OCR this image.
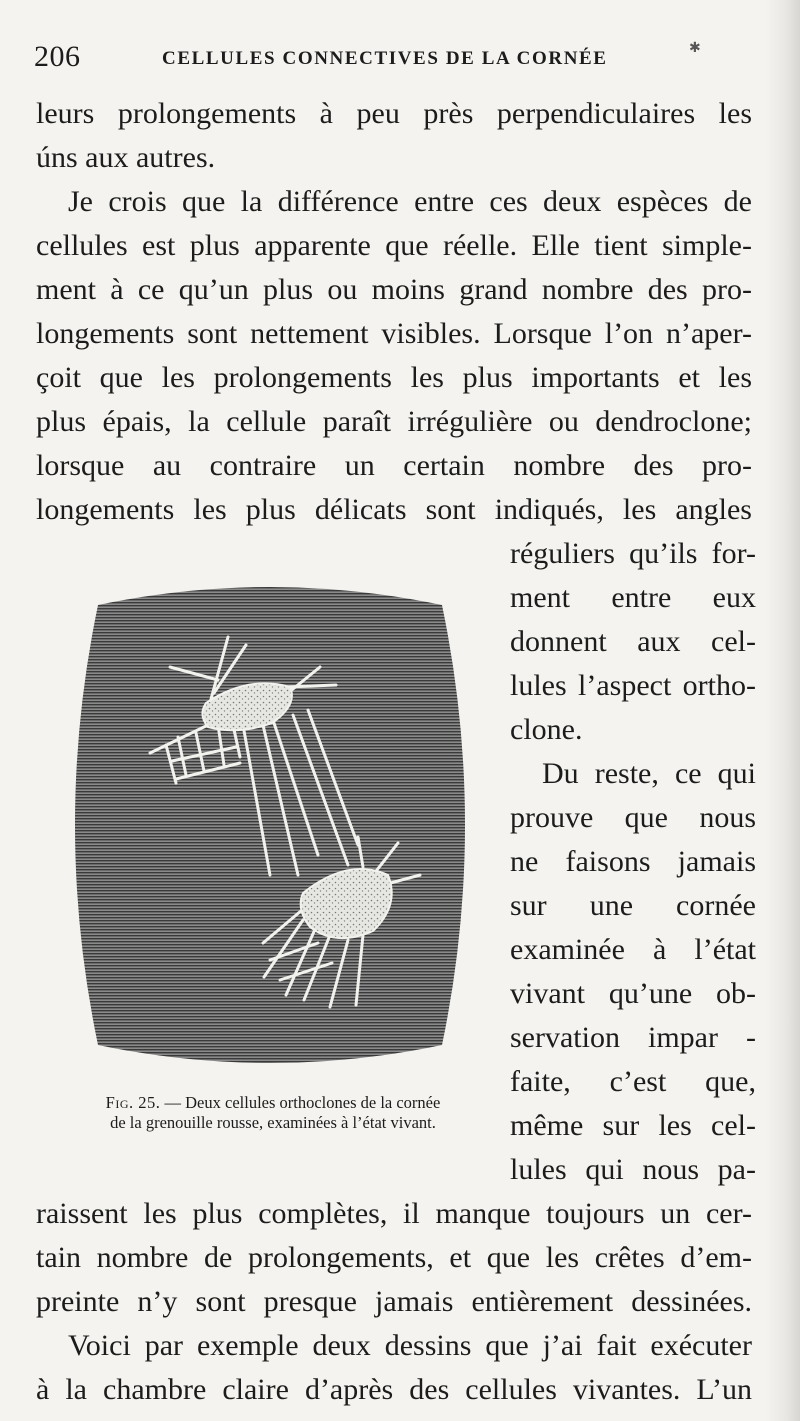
206	CELLULES CONNECTIVES DE LA CORNÉE	✱
leurs prolongements à peu près perpendiculaires les
úns aux autres.
Je crois que la différence entre ces deux espèces de
cellules est plus apparente que réelle. Elle tient simple-
ment à ce qu’un plus ou moins grand nombre des pro-
longements sont nettement visibles. Lorsque l’on n’aper-
çoit que les prolongements les plus importants et les
plus épais, la cellule paraît irrégulière ou dendroclone;
lorsque au contraire un certain nombre des pro-
longements les plus délicats sont indiqués, les angles
réguliers qu’ils for-
ment entre eux
donnent aux cel-
lules l’aspect ortho-
clone.
Du reste, ce qui
prouve que nous
ne faisons jamais
sur une cornée
examinée à l’état
vivant qu’une ob-
servation impar -
faite, c’est que,
même sur les cel-
lules qui nous pa-
raissent les plus complètes, il manque toujours un cer-
tain nombre de prolongements, et que les crêtes d’em-
preinte n’y sont presque jamais entièrement dessinées.
Voici par exemple deux dessins que j’ai fait exécuter
à la chambre claire d’après des cellules vivantes. L’un
Fig. 25. — Deux cellules orthoclones de la cornée
de la grenouille rousse, examinées à l’état vivant.
